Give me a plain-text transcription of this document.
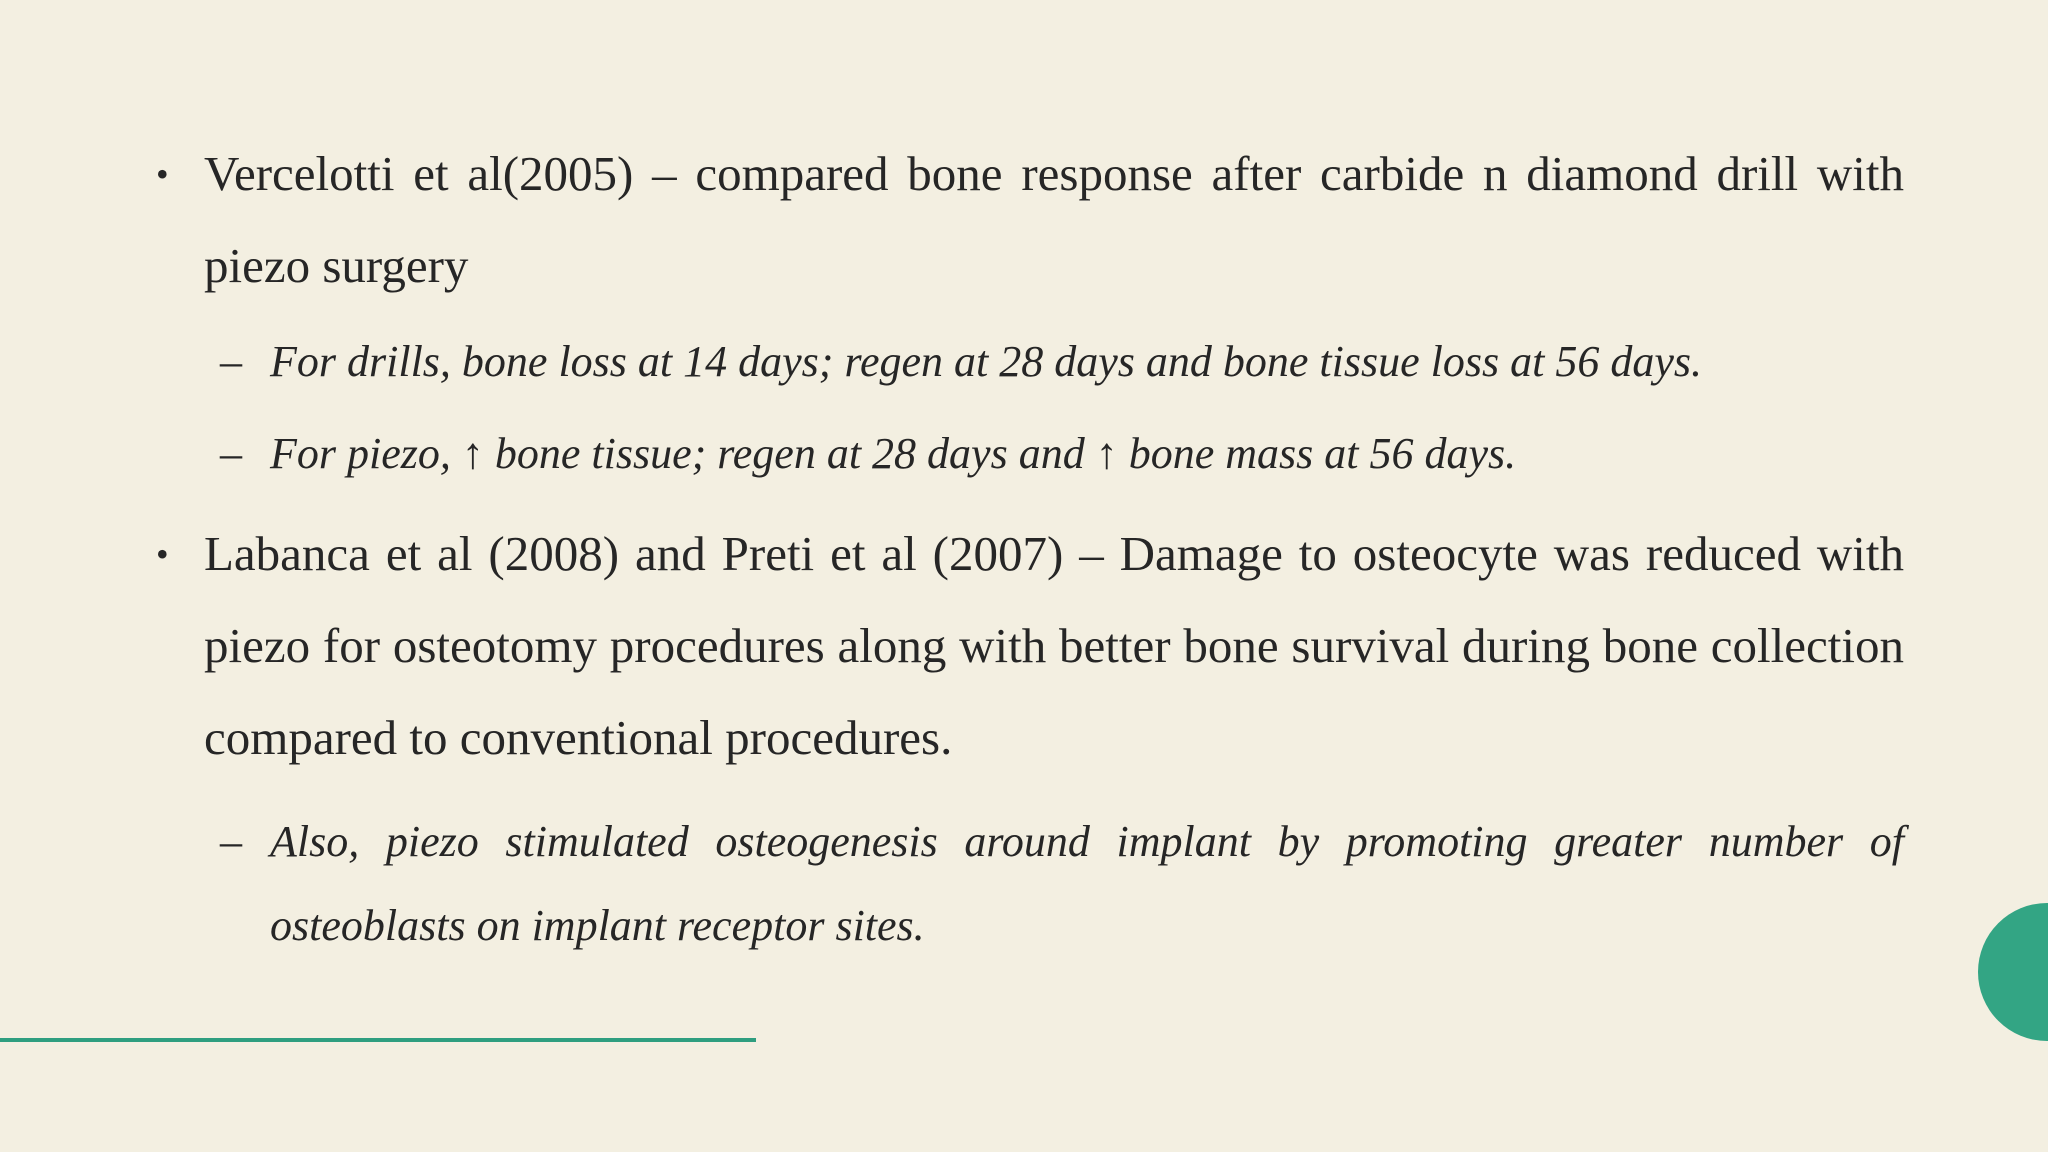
• Vercelotti et al(2005) – compared bone response after carbide n diamond drill with piezo surgery

– For drills, bone loss at 14 days; regen at 28 days and bone tissue loss at 56 days.

– For piezo, ↑ bone tissue; regen at 28 days and ↑ bone mass at 56 days.

• Labanca et al (2008) and Preti et al (2007) – Damage to osteocyte was reduced with piezo for osteotomy procedures along with better bone survival during bone collection compared to conventional procedures.

– Also, piezo stimulated osteogenesis around implant by promoting greater number of osteoblasts on implant receptor sites.
